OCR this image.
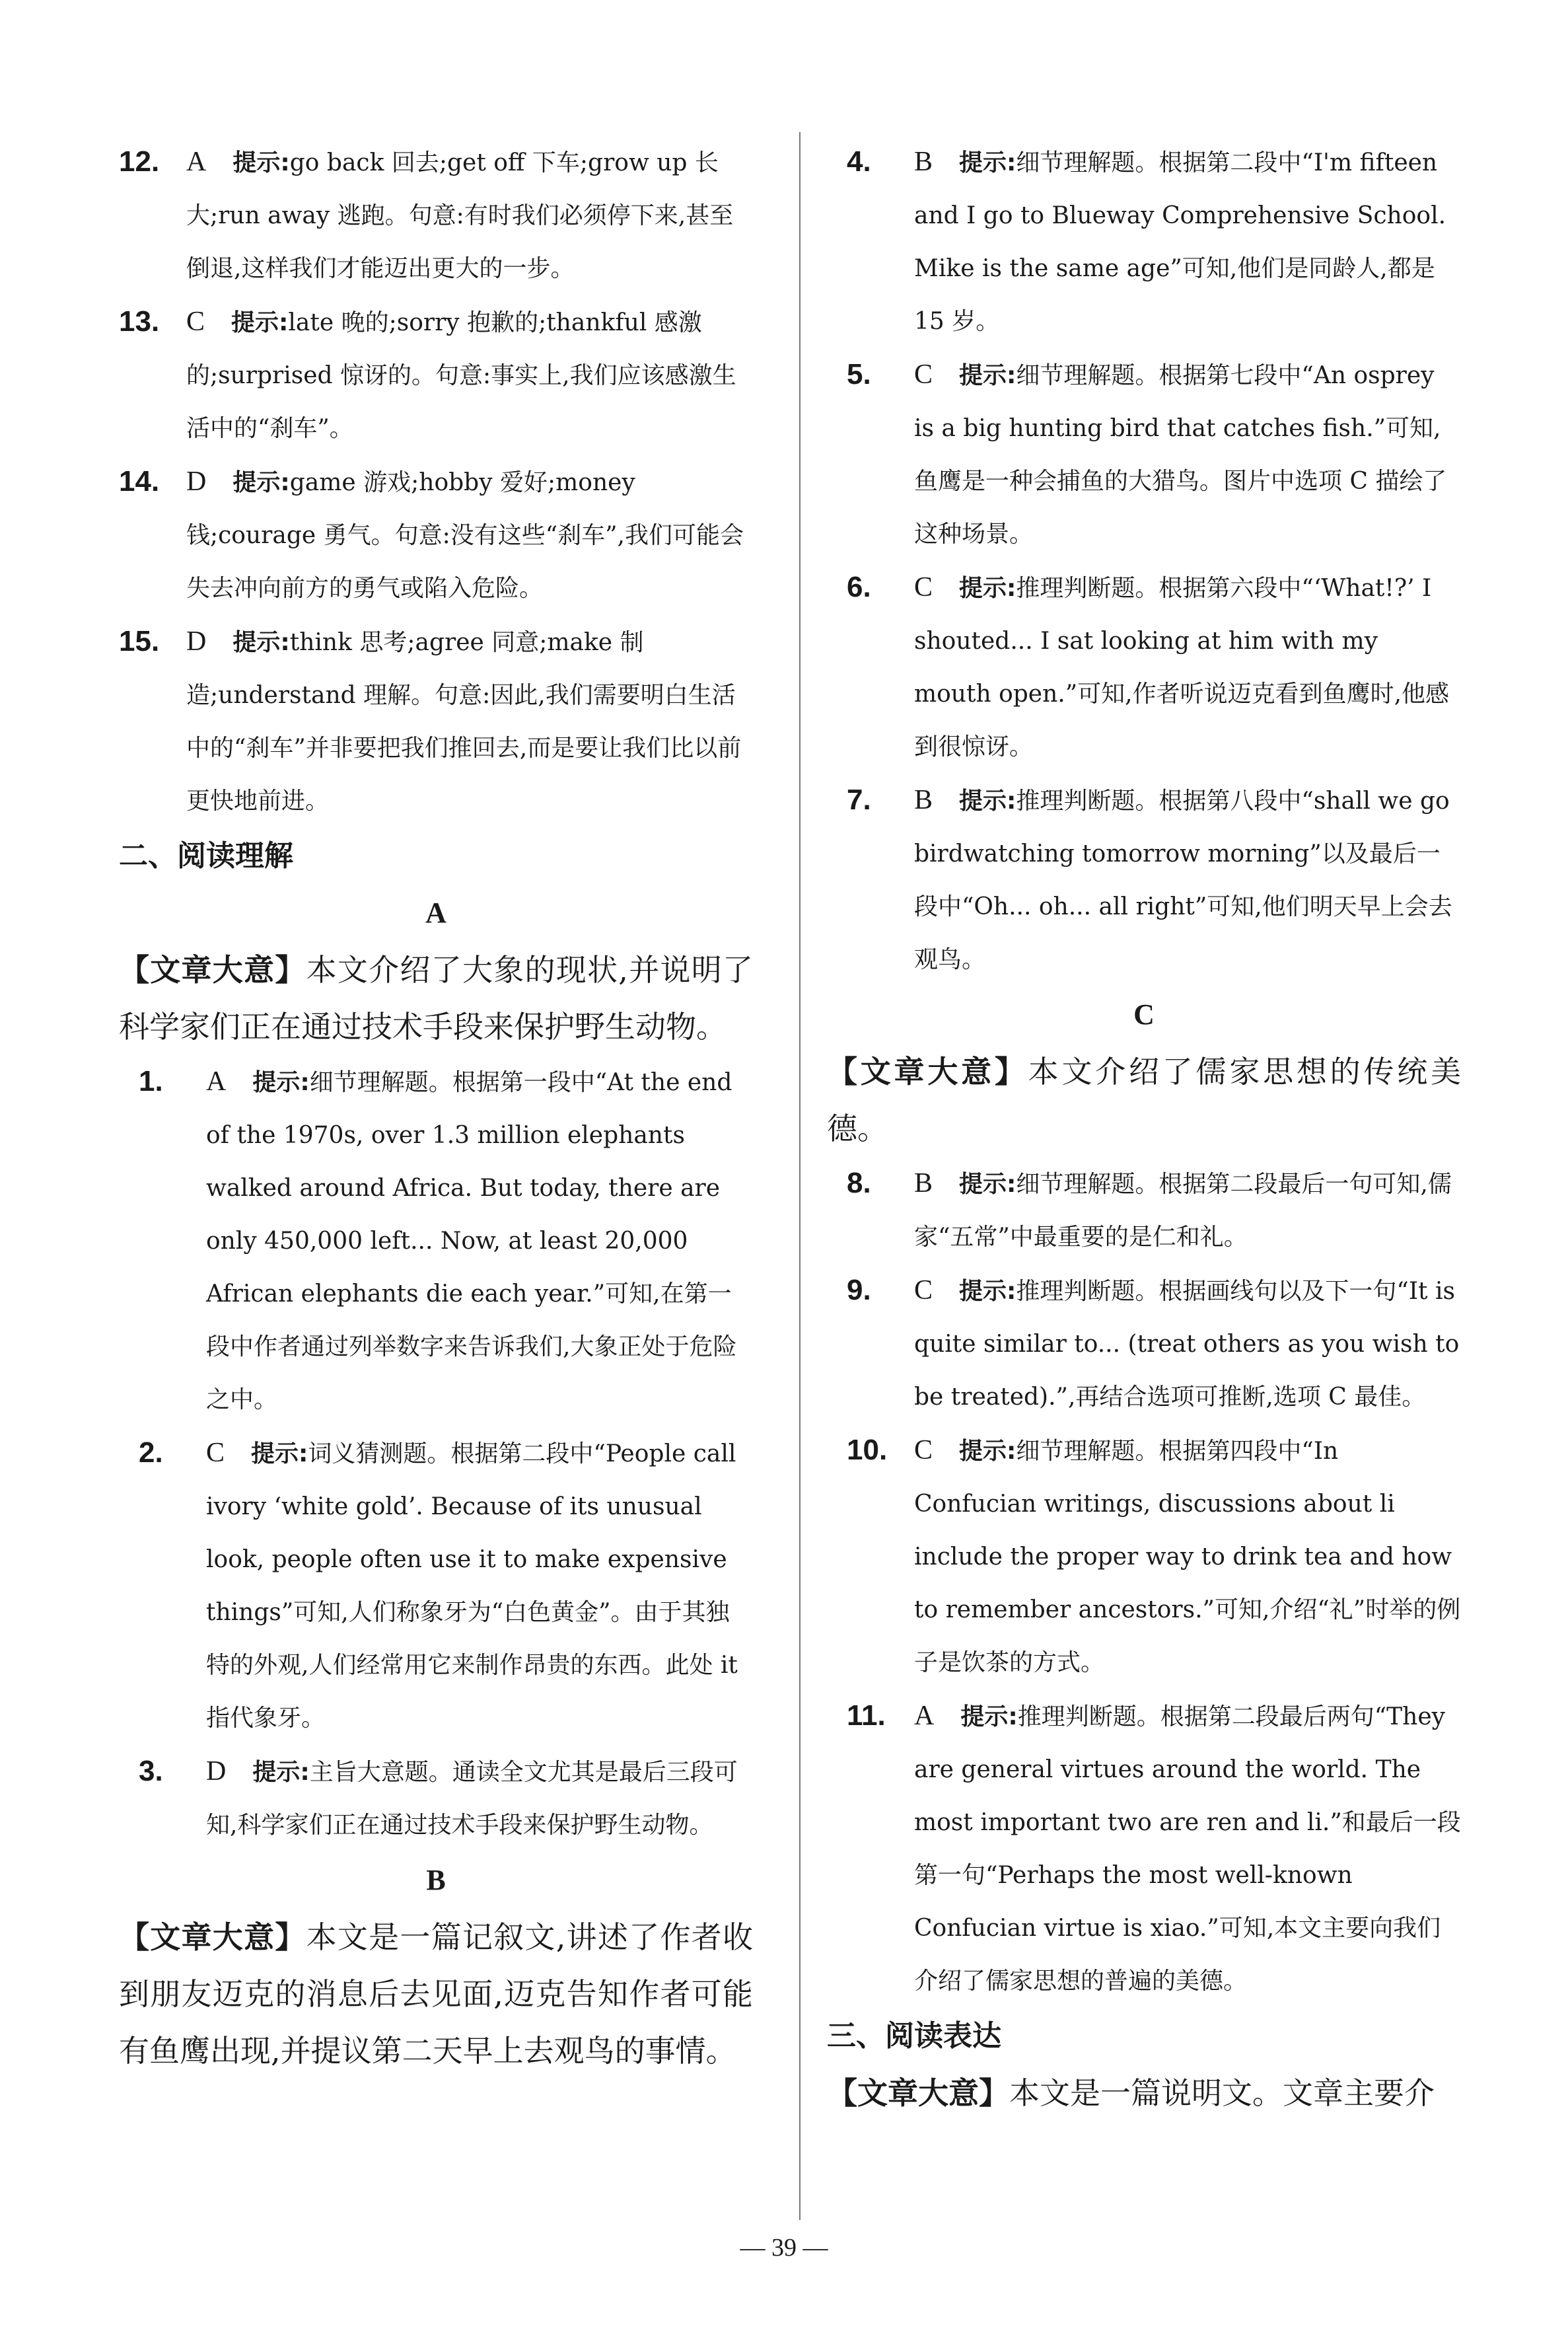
12. A 提示:go back 回去;get off 下车;grow up 长大;run away 逃跑。句意:有时我们必须停下来,甚至倒退,这样我们才能迈出更大的一步。
13. C 提示:late 晚的;sorry 抱歉的;thankful 感激的;surprised 惊讶的。句意:事实上,我们应该感激生活中的“刹车”。
14. D 提示:game 游戏;hobby 爱好;money 钱;courage 勇气。句意:没有这些“刹车”,我们可能会失去冲向前方的勇气或陷入危险。
15. D 提示:think 思考;agree 同意;make 制造;understand 理解。句意:因此,我们需要明白生活中的“刹车”并非要把我们推回去,而是要让我们比以前更快地前进。
二、阅读理解
A
【文章大意】本文介绍了大象的现状,并说明了科学家们正在通过技术手段来保护野生动物。
1. A 提示:细节理解题。根据第一段中“At the end of the 1970s, over 1.3 million elephants walked around Africa. But today, there are only 450,000 left... Now, at least 20,000 African elephants die each year.”可知,在第一段中作者通过列举数字来告诉我们,大象正处于危险之中。
2. C 提示:词义猜测题。根据第二段中“People call ivory ‘white gold’. Because of its unusual look, people often use it to make expensive things”可知,人们称象牙为“白色黄金”。由于其独特的外观,人们经常用它来制作昂贵的东西。此处 it 指代象牙。
3. D 提示:主旨大意题。通读全文尤其是最后三段可知,科学家们正在通过技术手段来保护野生动物。
B
【文章大意】本文是一篇记叙文,讲述了作者收到朋友迈克的消息后去见面,迈克告知作者可能有鱼鹰出现,并提议第二天早上去观鸟的事情。
4. B 提示:细节理解题。根据第二段中“I'm fifteen and I go to Blueway Comprehensive School. Mike is the same age”可知,他们是同龄人,都是 15 岁。
5. C 提示:细节理解题。根据第七段中“An osprey is a big hunting bird that catches fish.”可知,鱼鹰是一种会捕鱼的大猎鸟。图片中选项 C 描绘了这种场景。
6. C 提示:推理判断题。根据第六段中“‘What!?’ I shouted... I sat looking at him with my mouth open.”可知,作者听说迈克看到鱼鹰时,他感到很惊讶。
7. B 提示:推理判断题。根据第八段中“shall we go birdwatching tomorrow morning”以及最后一段中“Oh... oh... all right”可知,他们明天早上会去观鸟。
C
【文章大意】本文介绍了儒家思想的传统美德。
8. B 提示:细节理解题。根据第二段最后一句可知,儒家“五常”中最重要的是仁和礼。
9. C 提示:推理判断题。根据画线句以及下一句“It is quite similar to... (treat others as you wish to be treated).”,再结合选项可推断,选项 C 最佳。
10. C 提示:细节理解题。根据第四段中“In Confucian writings, discussions about li include the proper way to drink tea and how to remember ancestors.”可知,介绍“礼”时举的例子是饮茶的方式。
11. A 提示:推理判断题。根据第二段最后两句“They are general virtues around the world. The most important two are ren and li.”和最后一段第一句“Perhaps the most well-known Confucian virtue is xiao.”可知,本文主要向我们介绍了儒家思想的普遍的美德。
三、阅读表达
【文章大意】本文是一篇说明文。文章主要介
— 39 —
